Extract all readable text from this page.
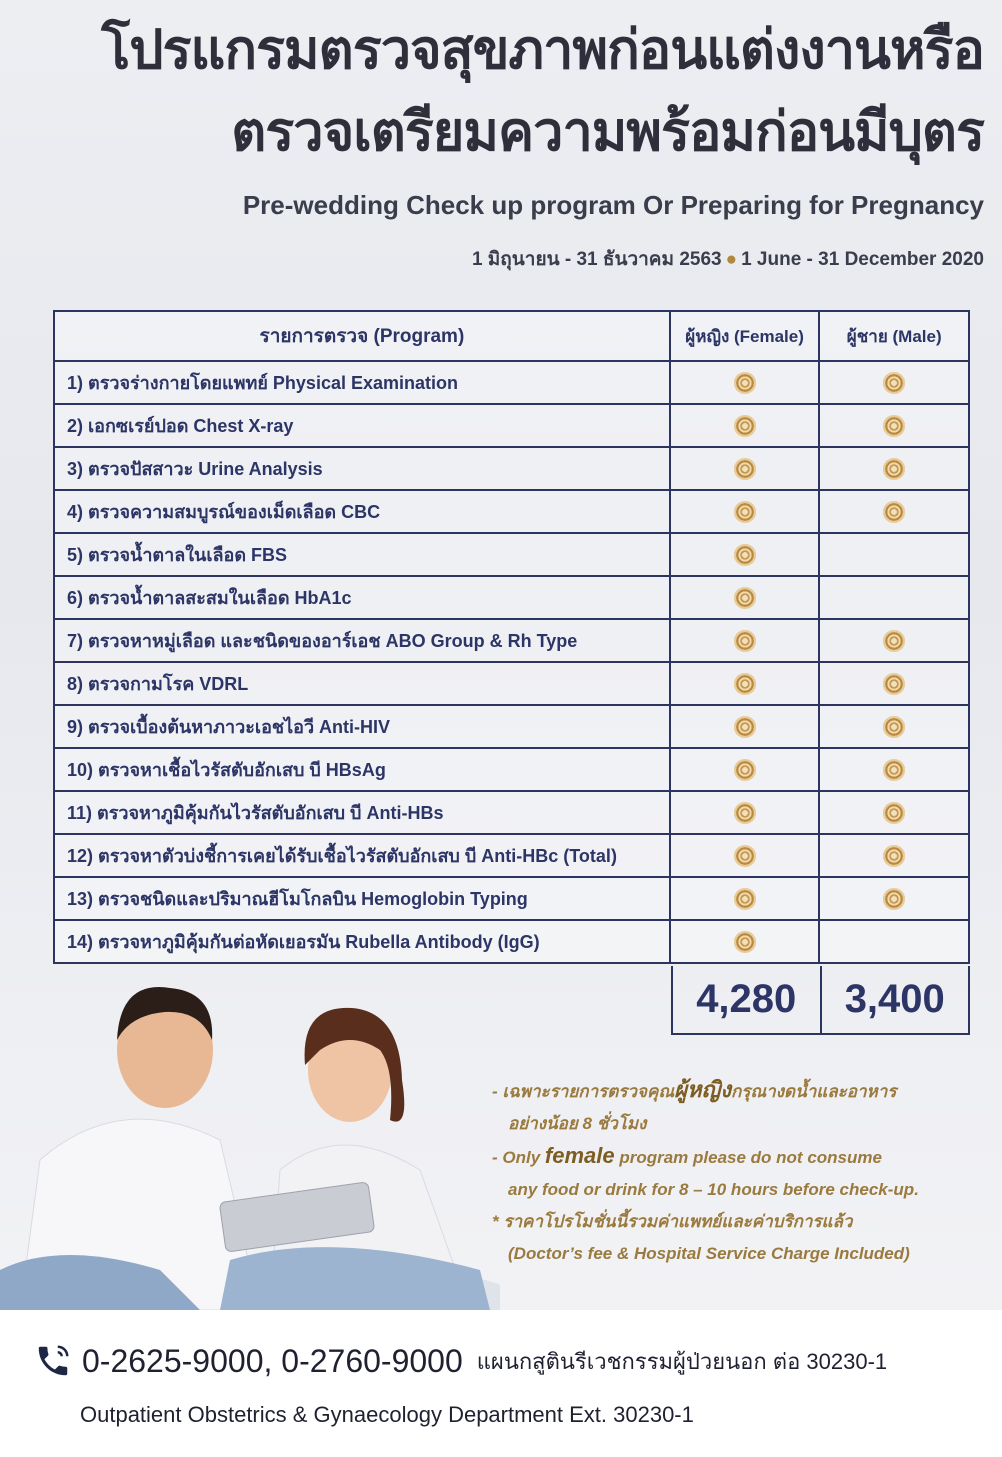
โปรแกรมตรวจสุขภาพก่อนแต่งงานหรือ
ตรวจเตรียมความพร้อมก่อนมีบุตร
Pre-wedding Check up program Or Preparing for Pregnancy
1 มิถุนายน - 31 ธันวาคม 2563 ● 1 June - 31 December 2020
รายการตรวจ (Program)	ผู้หญิง (Female)	ผู้ชาย (Male)
1) ตรวจร่างกายโดยแพทย์ Physical Examination		
2) เอกซเรย์ปอด Chest X-ray		
3) ตรวจปัสสาวะ Urine Analysis		
4) ตรวจความสมบูรณ์ของเม็ดเลือด CBC		
5) ตรวจน้ำตาลในเลือด FBS		
6) ตรวจน้ำตาลสะสมในเลือด HbA1c		
7) ตรวจหาหมู่เลือด และชนิดของอาร์เอช ABO Group & Rh Type		
8) ตรวจกามโรค VDRL		
9) ตรวจเบื้องต้นหาภาวะเอชไอวี Anti-HIV		
10) ตรวจหาเชื้อไวรัสตับอักเสบ บี HBsAg		
11) ตรวจหาภูมิคุ้มกันไวรัสตับอักเสบ บี Anti-HBs		
12) ตรวจหาตัวบ่งชี้การเคยได้รับเชื้อไวรัสตับอักเสบ บี Anti-HBc (Total)		
13) ตรวจชนิดและปริมาณฮีโมโกลบิน Hemoglobin Typing		
14) ตรวจหาภูมิคุ้มกันต่อหัดเยอรมัน Rubella Antibody (IgG)		
4,280	3,400
- เฉพาะรายการตรวจคุณผู้หญิงกรุณางดน้ำและอาหาร
อย่างน้อย 8 ชั่วโมง
- Only female program please do not consume
any food or drink for 8 – 10 hours before check-up.
* ราคาโปรโมชั่นนี้รวมค่าแพทย์และค่าบริการแล้ว
(Doctor’s fee & Hospital Service Charge Included)
0-2625-9000, 0-2760-9000 แผนกสูตินรีเวชกรรมผู้ป่วยนอก ต่อ 30230-1
Outpatient Obstetrics & Gynaecology Department Ext. 30230-1
